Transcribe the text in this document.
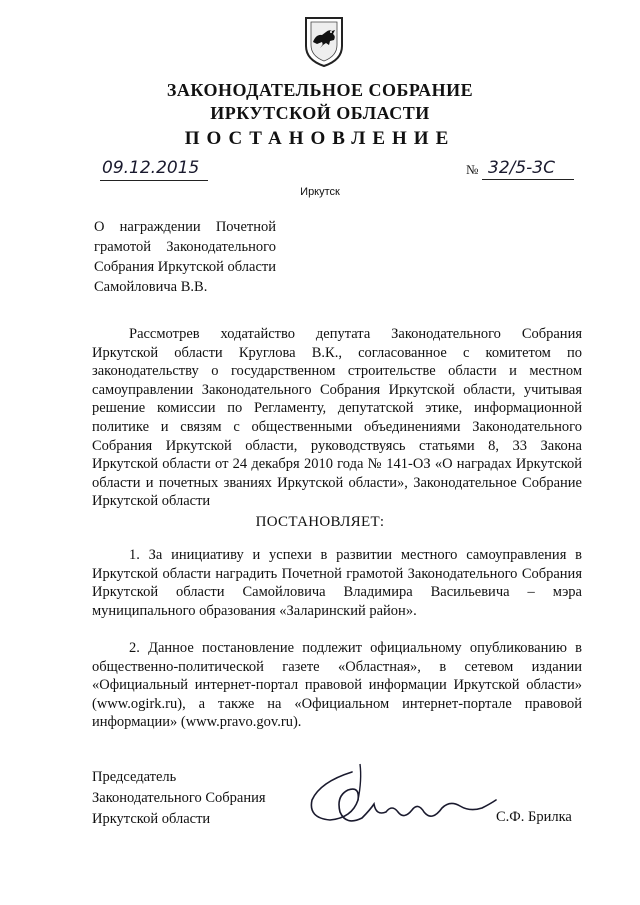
ЗАКОНОДАТЕЛЬНОЕ СОБРАНИЕ
ИРКУТСКОЙ ОБЛАСТИ
ПОСТАНОВЛЕНИЕ
09.12.2015	№ 32/5-3С
Иркутск
О награждении Почетной грамотой Законодательного Собрания Иркутской области Самойловича В.В.
Рассмотрев ходатайство депутата Законодательного Собрания Иркутской области Круглова В.К., согласованное с комитетом по законодательству о государственном строительстве области и местном самоуправлении Законодательного Собрания Иркутской области, учитывая решение комиссии по Регламенту, депутатской этике, информационной политике и связям с общественными объединениями Законодательного Собрания Иркутской области, руководствуясь статьями 8, 33 Закона Иркутской области от 24 декабря 2010 года № 141-ОЗ «О наградах Иркутской области и почетных званиях Иркутской области», Законодательное Собрание Иркутской области
ПОСТАНОВЛЯЕТ:
1. За инициативу и успехи в развитии местного самоуправления в Иркутской области наградить Почетной грамотой Законодательного Собрания Иркутской области Самойловича Владимира Васильевича – мэра муниципального образования «Заларинский район».
2. Данное постановление подлежит официальному опубликованию в общественно-политической газете «Областная», в сетевом издании «Официальный интернет-портал правовой информации Иркутской области» (www.ogirk.ru), а также на «Официальном интернет-портале правовой информации» (www.pravo.gov.ru).
Председатель
Законодательного Собрания
Иркутской области	С.Ф. Брилка
